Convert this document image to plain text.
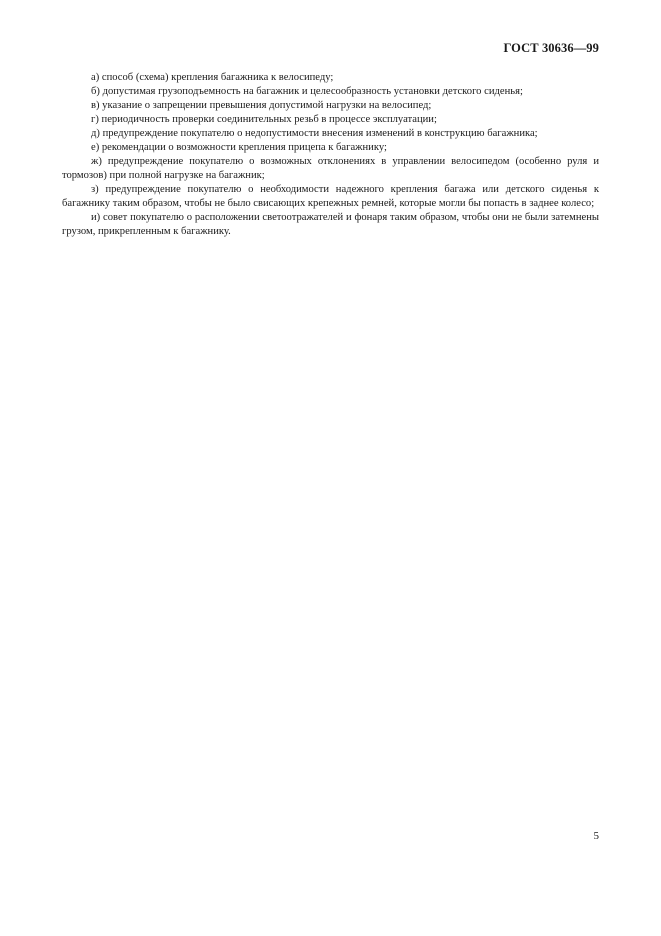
ГОСТ 30636—99

а) способ (схема) крепления багажника к велосипеду;

б) допустимая грузоподъемность на багажник и целесообразность установки детского сиденья;

в) указание о запрещении превышения допустимой нагрузки на велосипед;

г) периодичность проверки соединительных резьб в процессе эксплуатации;

д) предупреждение покупателю о недопустимости внесения изменений в конструкцию багажника;

е) рекомендации о возможности крепления прицепа к багажнику;

ж) предупреждение покупателю о возможных отклонениях в управлении велосипедом (особенно руля и тормозов) при полной нагрузке на багажник;

з) предупреждение покупателю о необходимости надежного крепления багажа или детского сиденья к багажнику таким образом, чтобы не было свисающих крепежных ремней, которые могли бы попасть в заднее колесо;

и) совет покупателю о расположении светоотражателей и фонаря таким образом, чтобы они не были затемнены грузом, прикрепленным к багажнику.

5
